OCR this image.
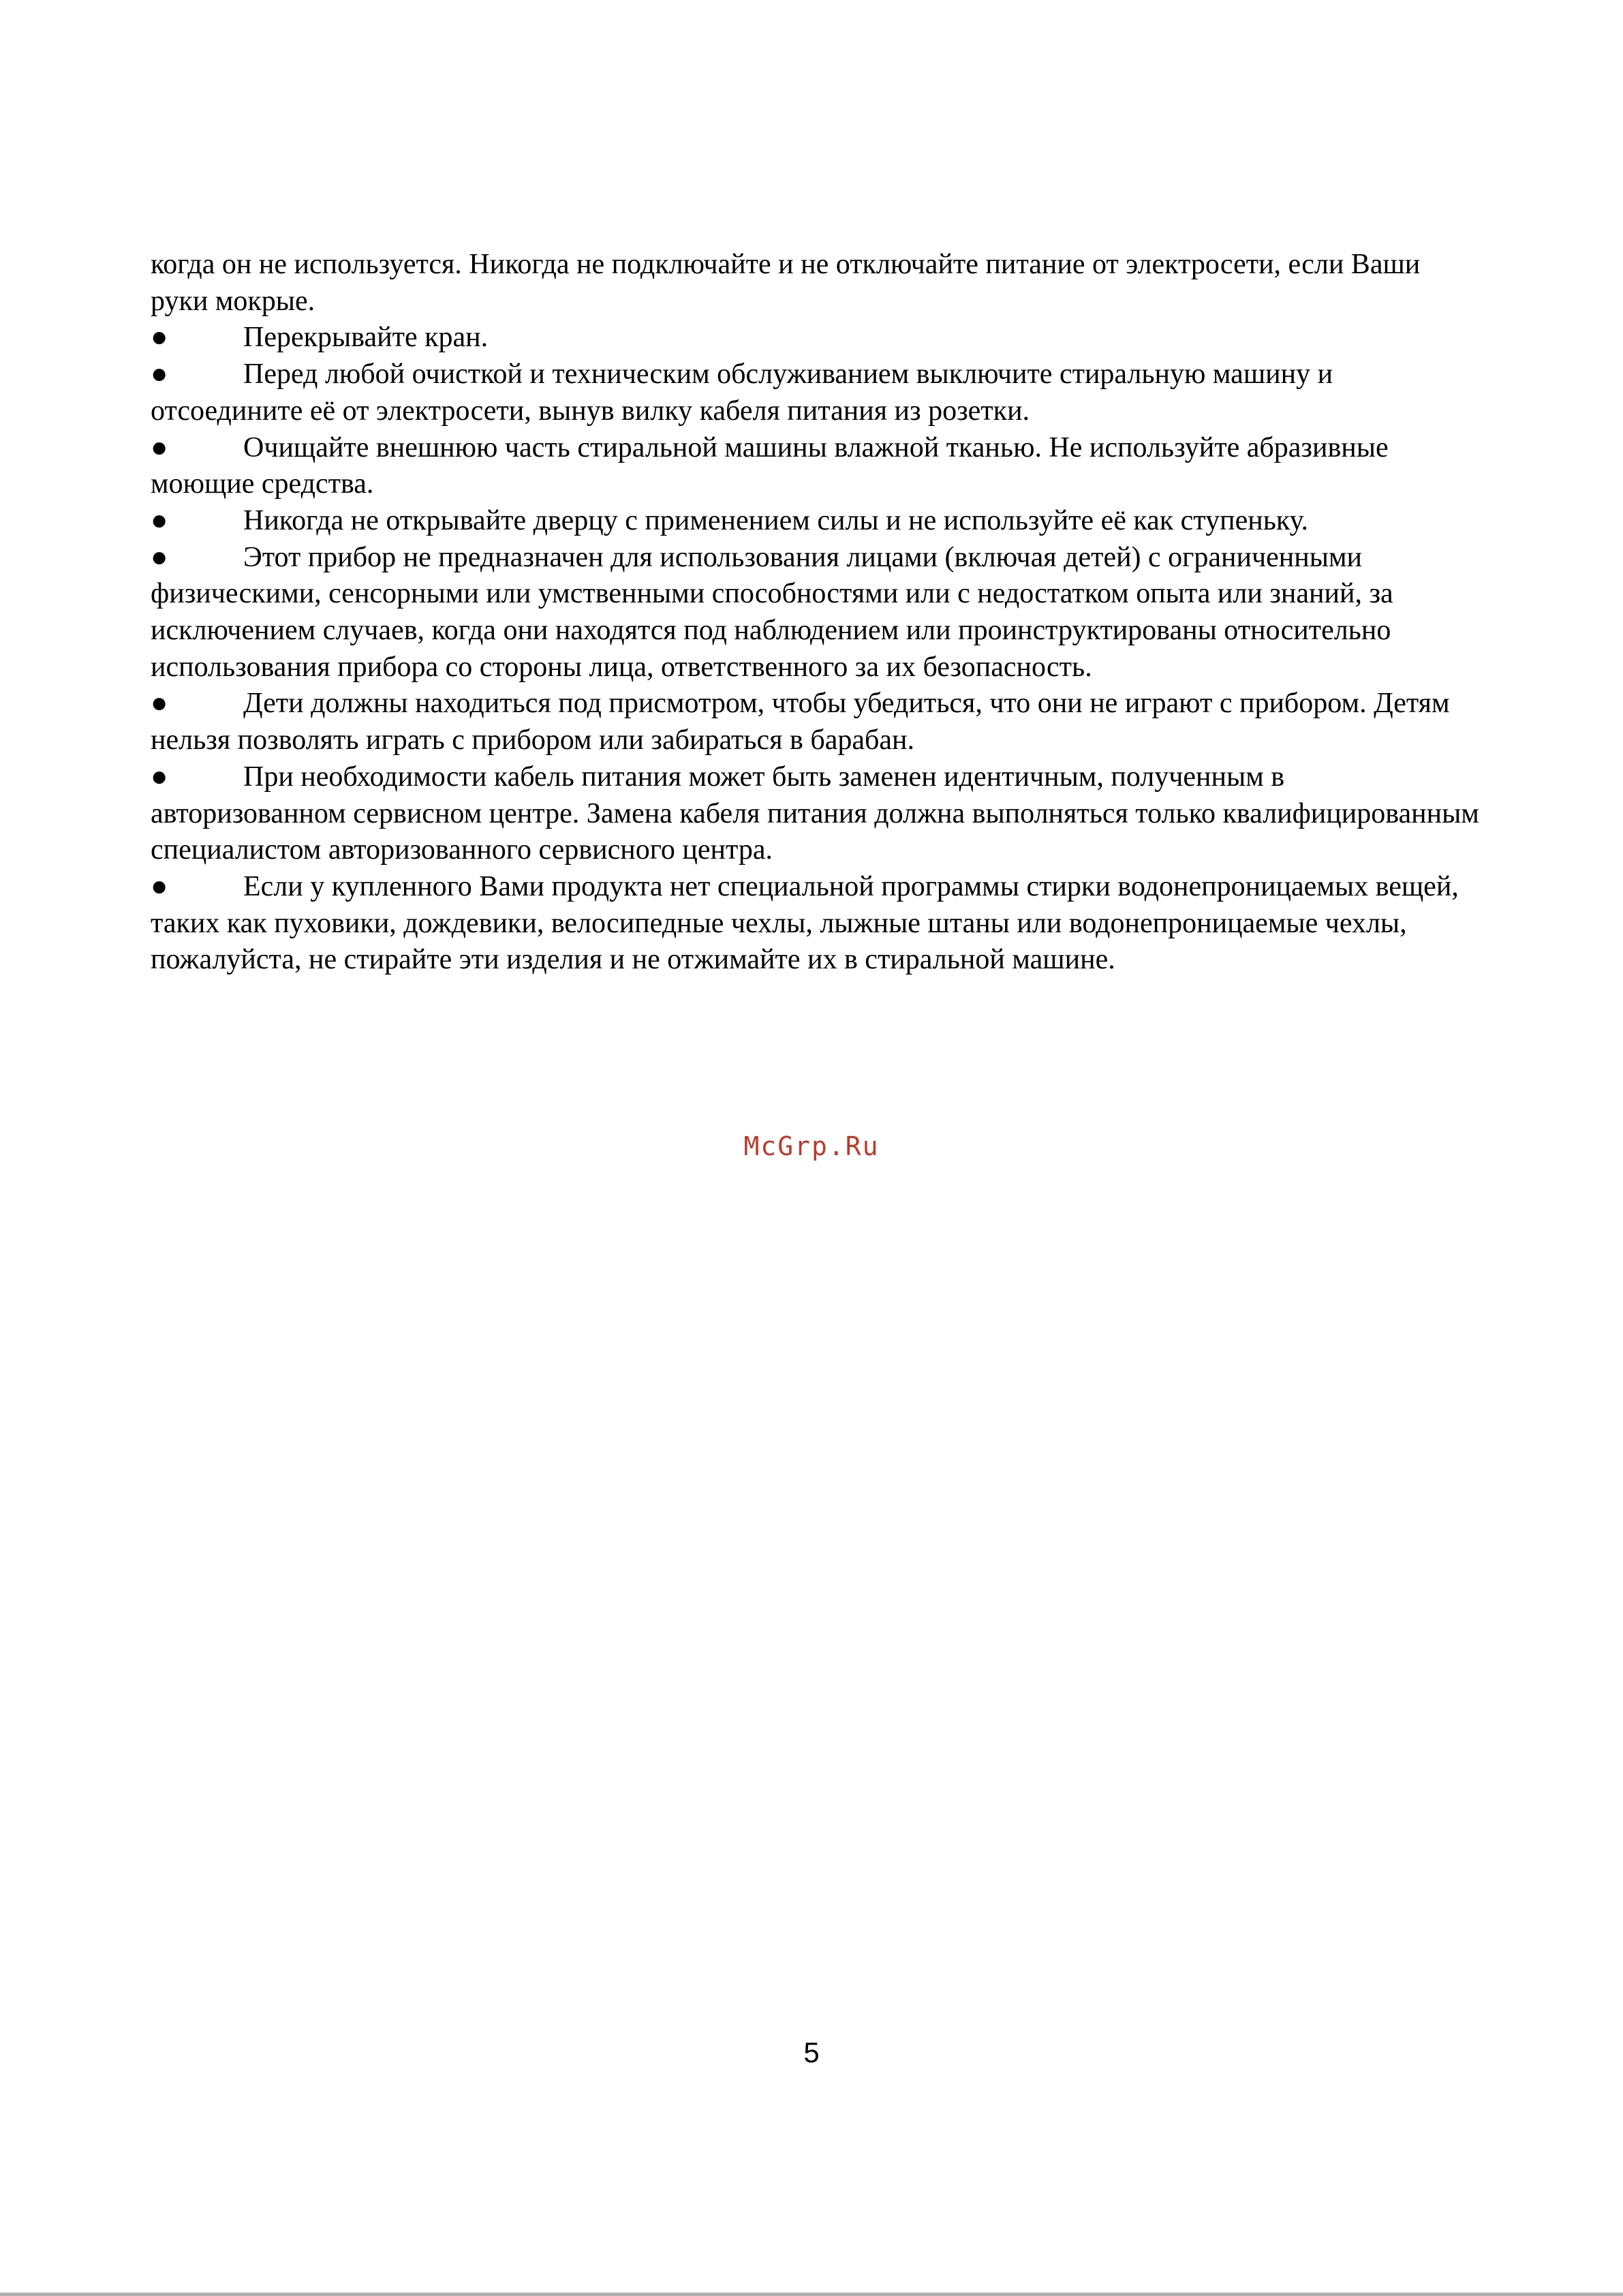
когда он не используется. Никогда не подключайте и не отключайте питание от электросети, если Ваши руки мокрые.

●	Перекрывайте кран.

●	Перед любой очисткой и техническим обслуживанием выключите стиральную машину и отсоедините её от электросети, вынув вилку кабеля питания из розетки.

●	Очищайте внешнюю часть стиральной машины влажной тканью. Не используйте абразивные моющие средства.

●	Никогда не открывайте дверцу с применением силы и не используйте её как ступеньку.

●	Этот прибор не предназначен для использования лицами (включая детей) с ограниченными физическими, сенсорными или умственными способностями или с недостатком опыта или знаний, за исключением случаев, когда они находятся под наблюдением или проинструктированы относительно использования прибора со стороны лица, ответственного за их безопасность.

●	Дети должны находиться под присмотром, чтобы убедиться, что они не играют с прибором. Детям нельзя позволять играть с прибором или забираться в барабан.

●	При необходимости кабель питания может быть заменен идентичным, полученным в авторизованном сервисном центре. Замена кабеля питания должна выполняться только квалифицированным специалистом авторизованного сервисного центра.

●	Если у купленного Вами продукта нет специальной программы стирки водонепроницаемых вещей, таких как пуховики, дождевики, велосипедные чехлы, лыжные штаны или водонепроницаемые чехлы, пожалуйста, не стирайте эти изделия и не отжимайте их в стиральной машине.

McGrp.Ru
5
